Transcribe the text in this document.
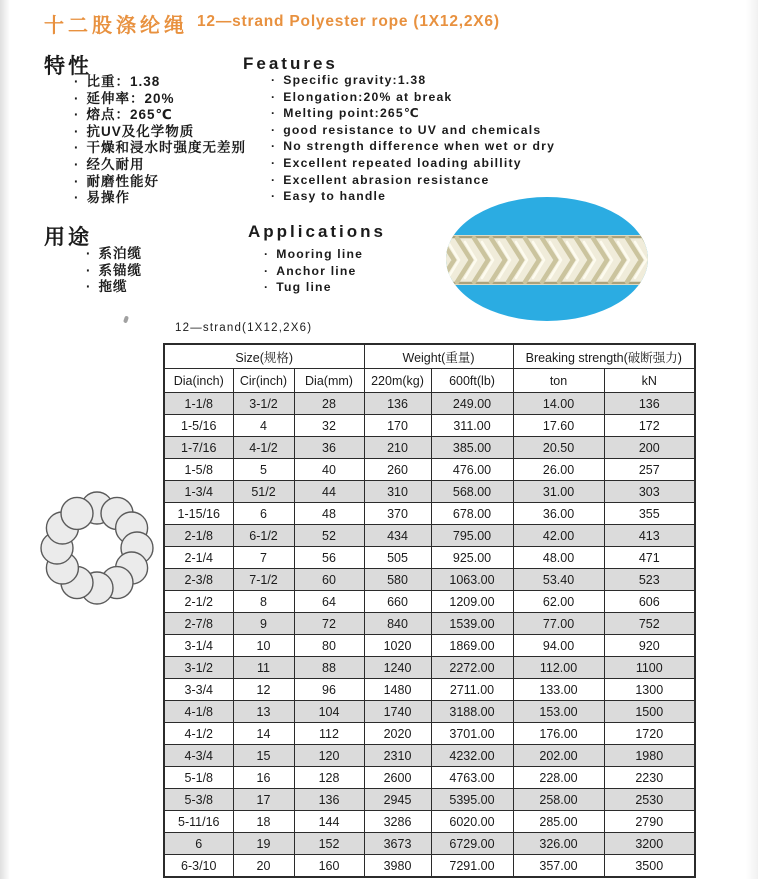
十二股涤纶绳 12—strand Polyester rope (1X12,2X6)
特性
· 比重：1.38
· 延伸率：20%
· 熔点：265℃
· 抗UV及化学物质
· 干燥和浸水时强度无差别
· 经久耐用
· 耐磨性能好
· 易操作
Features
· Specific gravity:1.38
· Elongation:20% at break
· Melting point:265℃
· good resistance to UV and chemicals
· No strength difference when wet or dry
· Excellent repeated loading abillity
· Excellent abrasion resistance
· Easy to handle
用途
· 系泊缆
· 系锚缆
· 拖缆
Applications
· Mooring line
· Anchor line
· Tug line
12—strand(1X12,2X6)
Size(规格)			Weight(重量)		Breaking strength(破断强力)	
Dia(inch)	Cir(inch)	Dia(mm)	220m(kg)	600ft(lb)	ton	kN
1-1/8	3-1/2	28	136	249.00	14.00	136
1-5/16	4	32	170	311.00	17.60	172
1-7/16	4-1/2	36	210	385.00	20.50	200
1-5/8	5	40	260	476.00	26.00	257
1-3/4	51/2	44	310	568.00	31.00	303
1-15/16	6	48	370	678.00	36.00	355
2-1/8	6-1/2	52	434	795.00	42.00	413
2-1/4	7	56	505	925.00	48.00	471
2-3/8	7-1/2	60	580	1063.00	53.40	523
2-1/2	8	64	660	1209.00	62.00	606
2-7/8	9	72	840	1539.00	77.00	752
3-1/4	10	80	1020	1869.00	94.00	920
3-1/2	11	88	1240	2272.00	112.00	1100
3-3/4	12	96	1480	2711.00	133.00	1300
4-1/8	13	104	1740	3188.00	153.00	1500
4-1/2	14	112	2020	3701.00	176.00	1720
4-3/4	15	120	2310	4232.00	202.00	1980
5-1/8	16	128	2600	4763.00	228.00	2230
5-3/8	17	136	2945	5395.00	258.00	2530
5-11/16	18	144	3286	6020.00	285.00	2790
6	19	152	3673	6729.00	326.00	3200
6-3/10	20	160	3980	7291.00	357.00	3500
